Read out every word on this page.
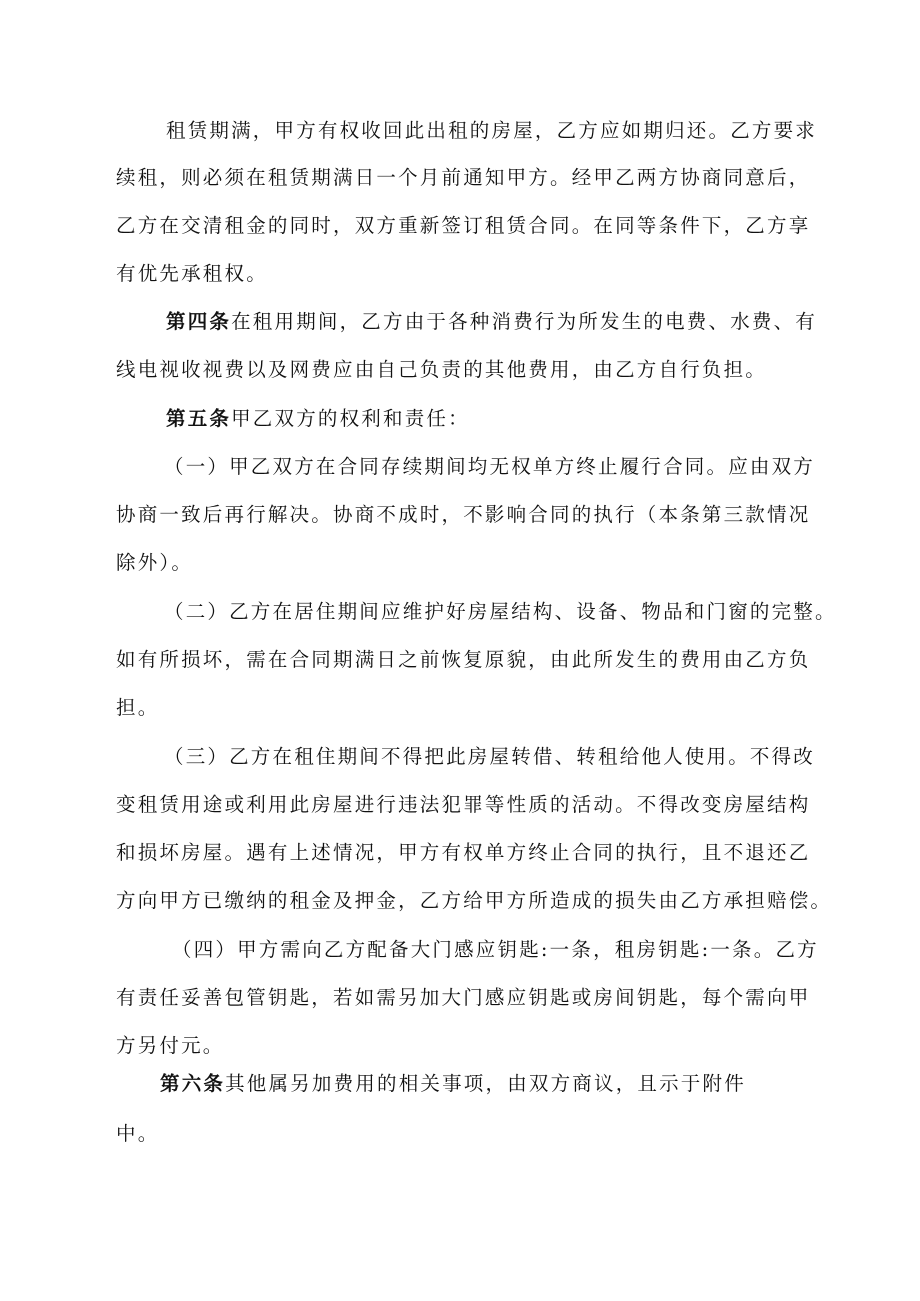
租赁期满，甲方有权收回此出租的房屋，乙方应如期归还。乙方要求
续租，则必须在租赁期满日一个月前通知甲方。经甲乙两方协商同意后，
乙方在交清租金的同时，双方重新签订租赁合同。在同等条件下，乙方享
有优先承租权。
第四条在租用期间，乙方由于各种消费行为所发生的电费、水费、有
线电视收视费以及网费应由自己负责的其他费用，由乙方自行负担。
第五条甲乙双方的权利和责任：
（一）甲乙双方在合同存续期间均无权单方终止履行合同。应由双方
协商一致后再行解决。协商不成时，不影响合同的执行（本条第三款情况
除外）。
（二）乙方在居住期间应维护好房屋结构、设备、物品和门窗的完整。
如有所损坏，需在合同期满日之前恢复原貌，由此所发生的费用由乙方负
担。
（三）乙方在租住期间不得把此房屋转借、转租给他人使用。不得改
变租赁用途或利用此房屋进行违法犯罪等性质的活动。不得改变房屋结构
和损坏房屋。遇有上述情况，甲方有权单方终止合同的执行，且不退还乙
方向甲方已缴纳的租金及押金，乙方给甲方所造成的损失由乙方承担赔偿。
（四）甲方需向乙方配备大门感应钥匙:一条，租房钥匙:一条。乙方
有责任妥善包管钥匙，若如需另加大门感应钥匙或房间钥匙，每个需向甲
方另付元。
第六条其他属另加费用的相关事项，由双方商议，且示于附件
中。
